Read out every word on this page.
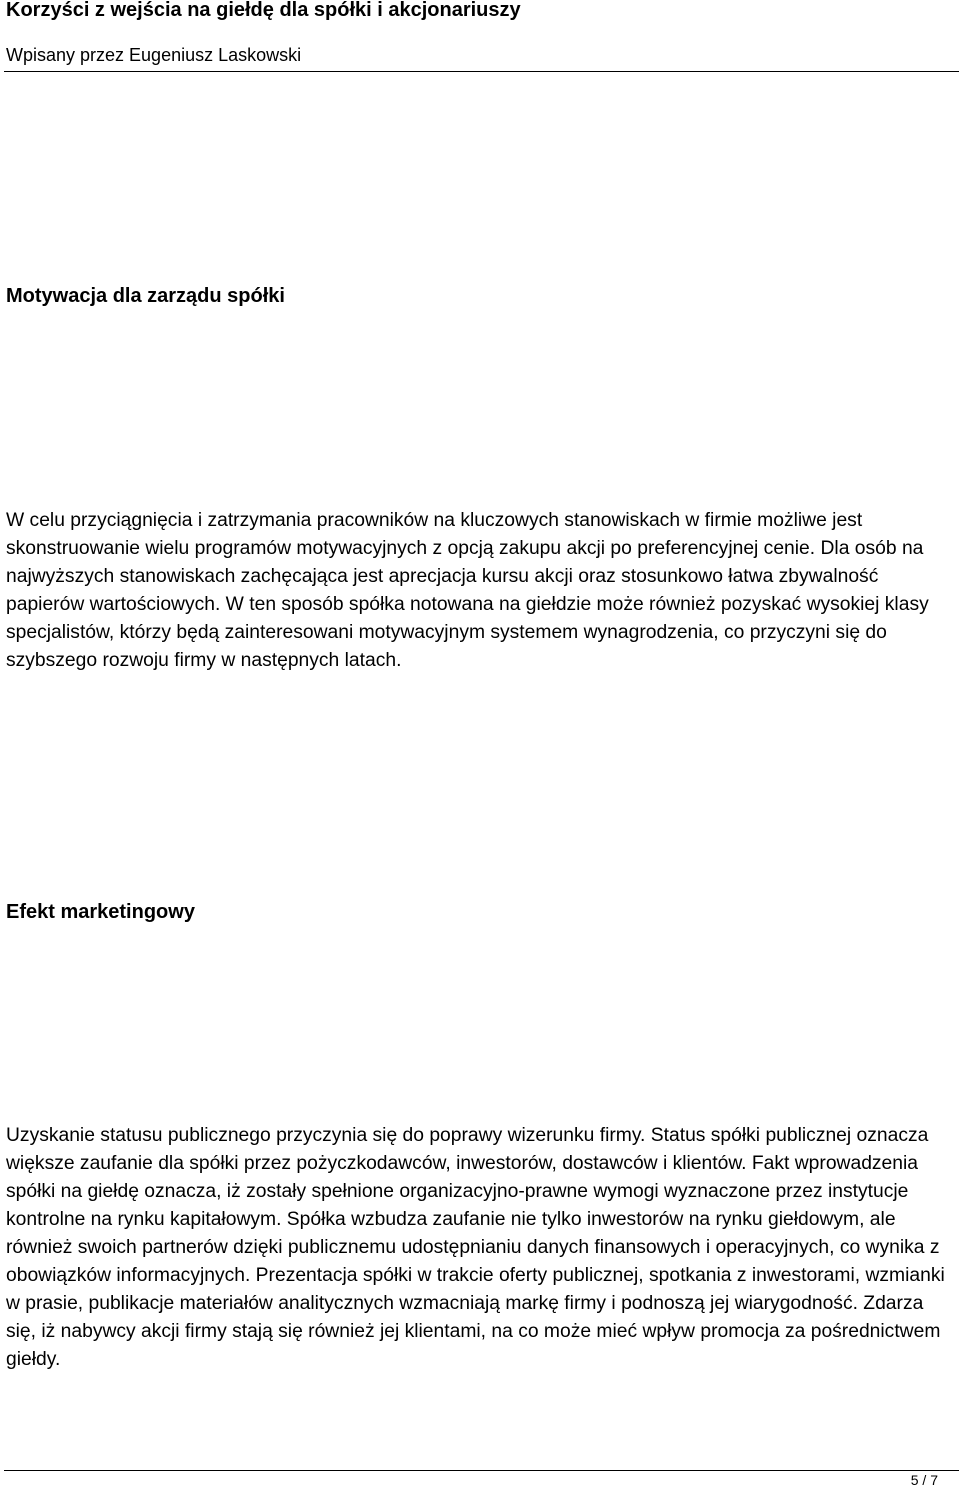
Korzyści z wejścia na giełdę dla spółki i akcjonariuszy
Wpisany przez Eugeniusz Laskowski
Motywacja dla zarządu spółki

W celu przyciągnięcia i zatrzymania pracowników na kluczowych stanowiskach w firmie możliwe jest skonstruowanie wielu programów motywacyjnych z opcją zakupu akcji po preferencyjnej cenie. Dla osób na najwyższych stanowiskach zachęcająca jest aprecjacja kursu akcji oraz stosunkowo łatwa zbywalność papierów wartościowych. W ten sposób spółka notowana na giełdzie może również pozyskać wysokiej klasy specjalistów, którzy będą zainteresowani motywacyjnym systemem wynagrodzenia, co przyczyni się do szybszego rozwoju firmy w następnych latach.

Efekt marketingowy

Uzyskanie statusu publicznego przyczynia się do poprawy wizerunku firmy. Status spółki publicznej oznacza większe zaufanie dla spółki przez pożyczkodawców, inwestorów, dostawców i klientów. Fakt wprowadzenia spółki na giełdę oznacza, iż zostały spełnione organizacyjno-prawne wymogi wyznaczone przez instytucje kontrolne na rynku kapitałowym. Spółka wzbudza zaufanie nie tylko inwestorów na rynku giełdowym, ale również swoich partnerów dzięki publicznemu udostępnianiu danych finansowych i operacyjnych, co wynika z obowiązków informacyjnych. Prezentacja spółki w trakcie oferty publicznej, spotkania z inwestorami, wzmianki w prasie, publikacje materiałów analitycznych wzmacniają markę firmy i podnoszą jej wiarygodność. Zdarza się, iż nabywcy akcji firmy stają się również jej klientami, na co może mieć wpływ promocja za pośrednictwem giełdy.

5 / 7
